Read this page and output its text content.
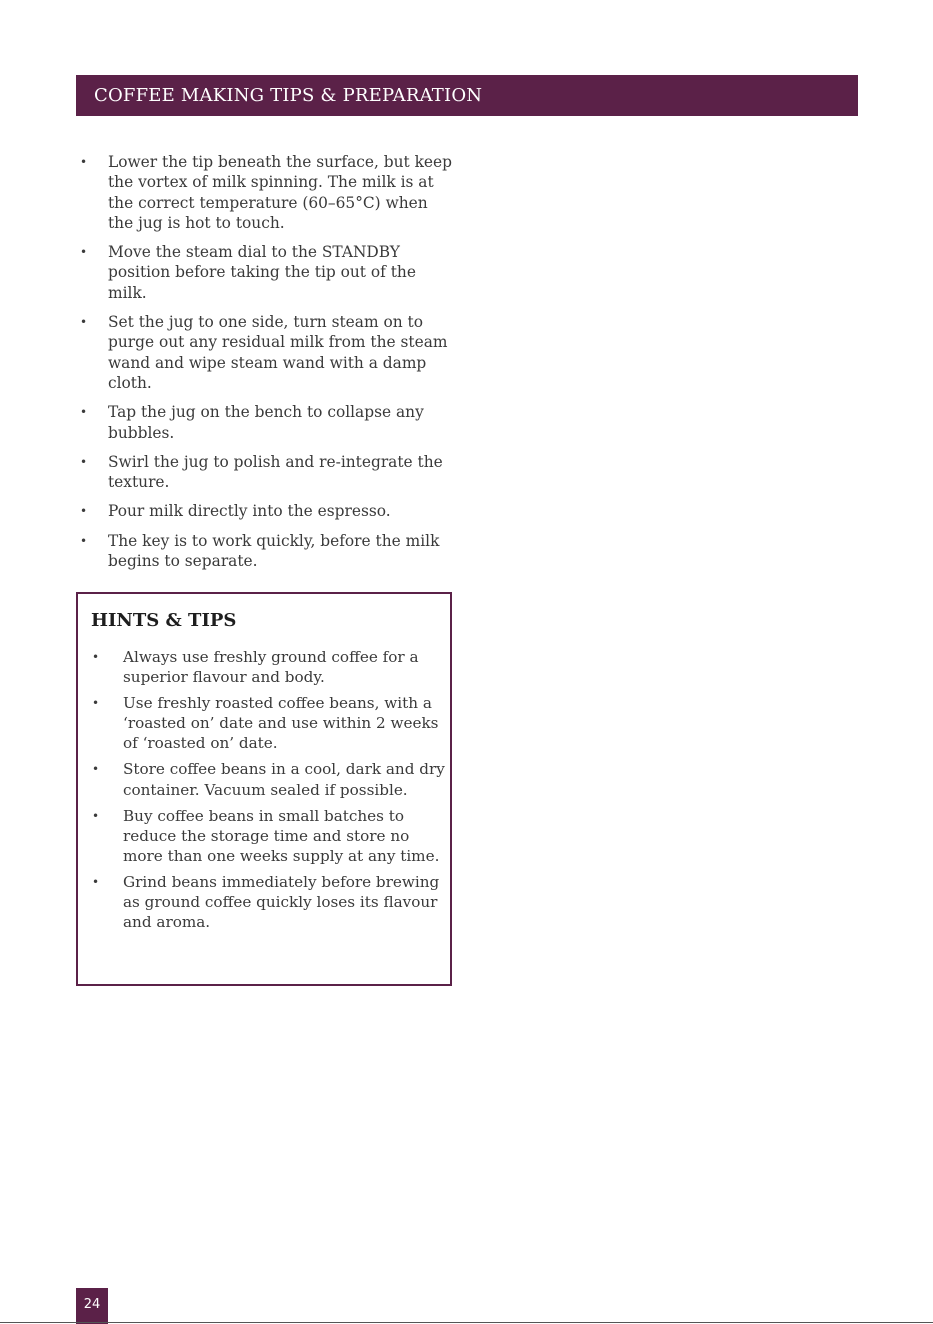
COFFEE MAKING TIPS & PREPARATION
• Lower the tip beneath the surface, but keep the vortex of milk spinning. The milk is at the correct temperature (60–65°C) when the jug is hot to touch.
• Move the steam dial to the STANDBY position before taking the tip out of the milk.
• Set the jug to one side, turn steam on to purge out any residual milk from the steam wand and wipe steam wand with a damp cloth.
• Tap the jug on the bench to collapse any bubbles.
• Swirl the jug to polish and re-integrate the texture.
• Pour milk directly into the espresso.
• The key is to work quickly, before the milk begins to separate.
HINTS & TIPS
• Always use freshly ground coffee for a superior flavour and body.
• Use freshly roasted coffee beans, with a ‘roasted on’ date and use within 2 weeks of ‘roasted on’ date.
• Store coffee beans in a cool, dark and dry container. Vacuum sealed if possible.
• Buy coffee beans in small batches to reduce the storage time and store no more than one weeks supply at any time.
• Grind beans immediately before brewing as ground coffee quickly loses its flavour and aroma.
24
